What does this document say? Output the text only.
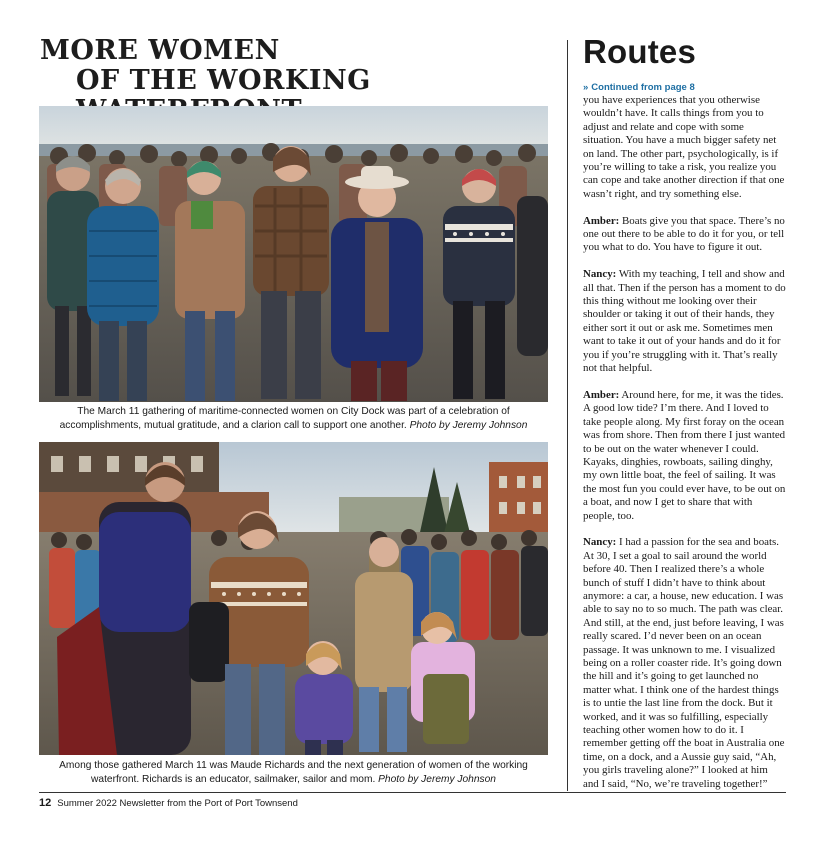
MORE WOMEN

OF THE WORKING

The March 11 gathering of maritime-connected women on City Dock was part of a celebration of accomplishments, mutual gratitude, and a clarion call to support one another. Photo by Jeremy Johnson

Among those gathered March 11 was Maude Richards and the next generation of women of the working waterfront. Richards is an educator, sailmaker, sailor and mom. Photo by Jeremy Johnson

Routes
» Continued from page 8

you have experiences that you otherwise wouldn’t have. It calls things from you to adjust and relate and cope with some situation. You have a much bigger safety net on land. The other part, psychologically, is if you’re willing to take a risk, you realize you can cope and take another direction if that one wasn’t right, and try something else.

Amber: Boats give you that space. There’s no one out there to be able to do it for you, or tell you what to do. You have to figure it out.

Nancy: With my teaching, I tell and show and all that. Then if the person has a moment to do this thing without me looking over their shoulder or taking it out of their hands, they either sort it out or ask me. Sometimes men want to take it out of your hands and do it for you if you’re struggling with it. That’s really not that helpful.

Amber: Around here, for me, it was the tides. A good low tide? I’m there. And I loved to take people along. My first foray on the ocean was from shore. Then from there I just wanted to be out on the water whenever I could. Kayaks, dinghies, rowboats, sailing dinghy, my own little boat, the feel of sailing. It was the most fun you could ever have, to be out on a boat, and now I get to share that with people, too.

Nancy: I had a passion for the sea and boats. At 30, I set a goal to sail around the world before 40. Then I realized there’s a whole bunch of stuff I didn’t have to think about anymore: a car, a house, new education. I was able to say no to so much. The path was clear. And still, at the end, just before leaving, I was really scared. I’d never been on an ocean passage. It was unknown to me. I visualized being on a roller coaster ride. It’s going down the hill and it’s going to get launched no matter what. I think one of the hardest things is to untie the last line from the dock. But it worked, and it was so fulfilling, especially teaching other women how to do it. I remember getting off the boat in Australia one time, on a dock, and a Aussie guy said, “Ah, you girls traveling alone?” I looked at him and I said, “No, we’re traveling together!”

12 Summer 2022 Newsletter from the Port of Port Townsend
